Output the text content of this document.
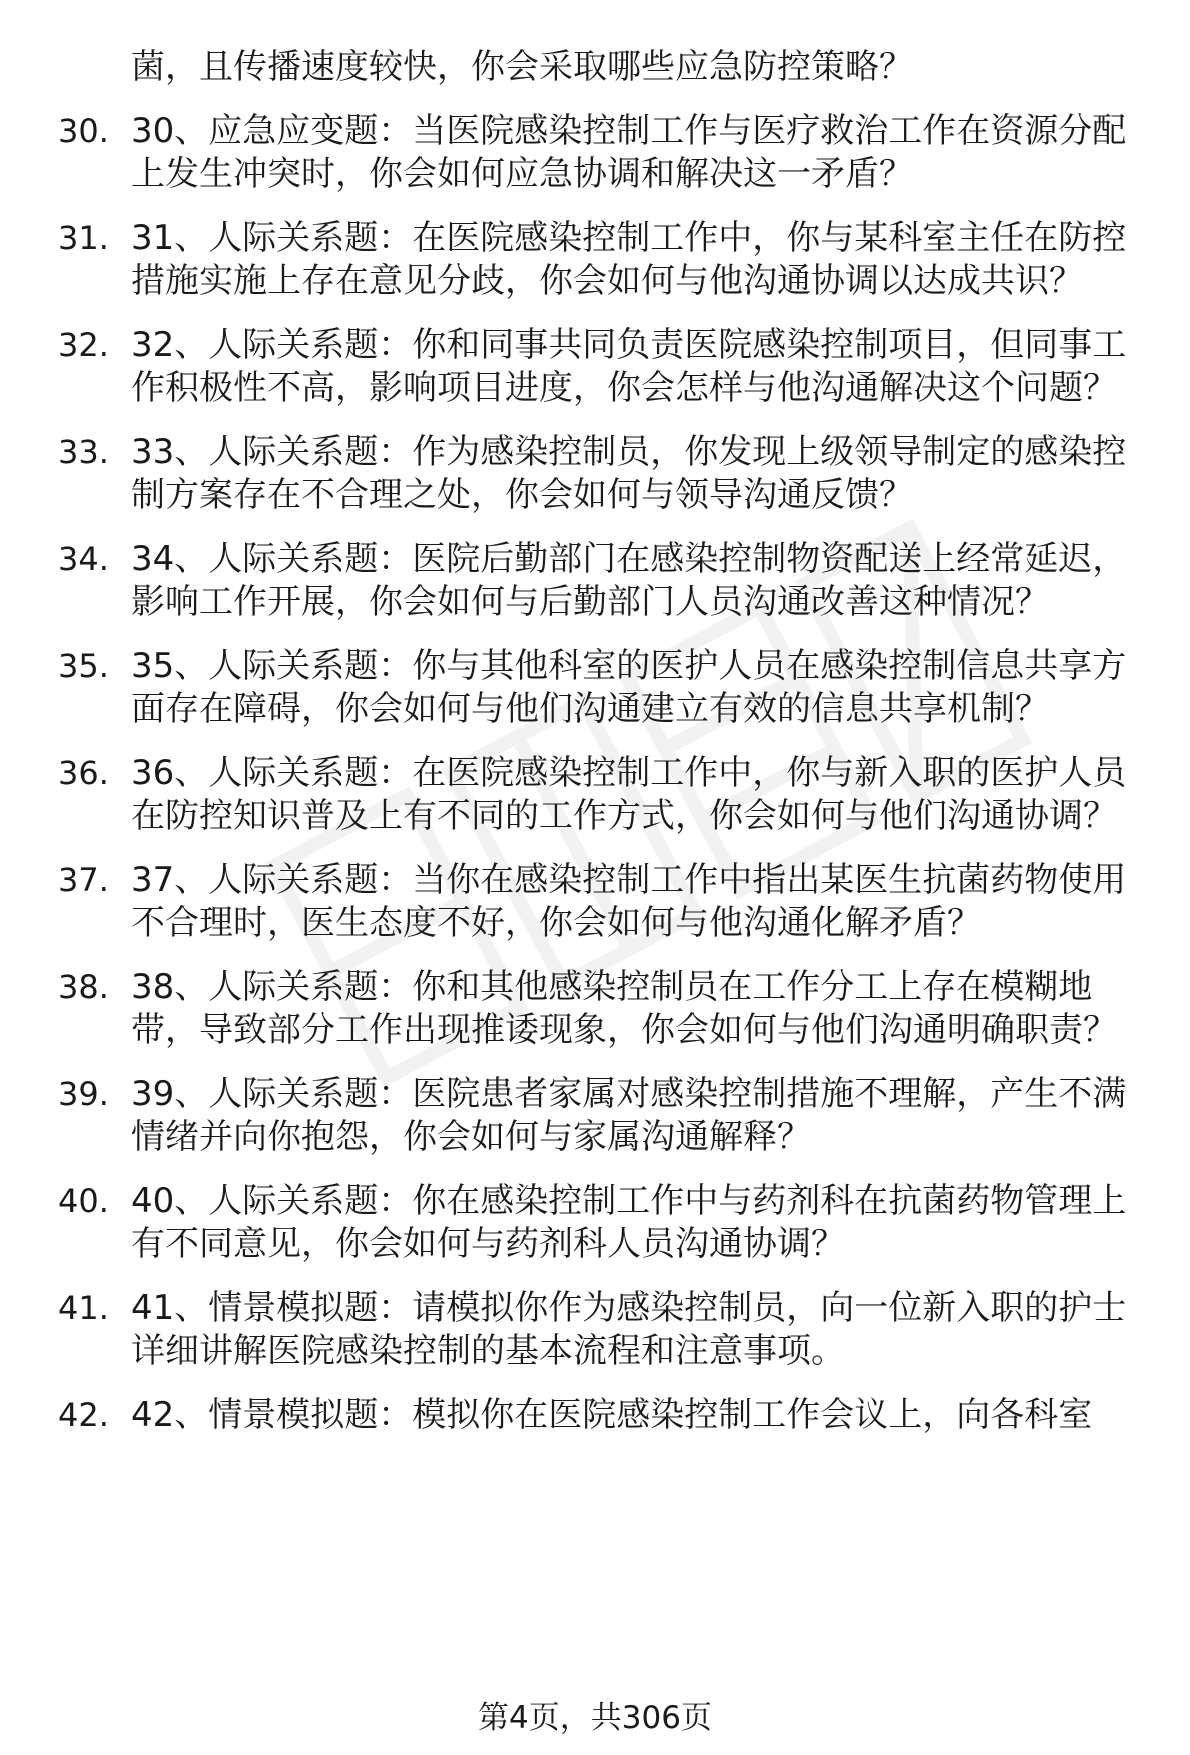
菌，且传播速度较快，你会采取哪些应急防控策略？
30. 30、应急应变题：当医院感染控制工作与医疗救治工作在资源分配上发生冲突时，你会如何应急协调和解决这一矛盾？
31. 31、人际关系题：在医院感染控制工作中，你与某科室主任在防控措施实施上存在意见分歧，你会如何与他沟通协调以达成共识？
32. 32、人际关系题：你和同事共同负责医院感染控制项目，但同事工作积极性不高，影响项目进度，你会怎样与他沟通解决这个问题？
33. 33、人际关系题：作为感染控制员，你发现上级领导制定的感染控制方案存在不合理之处，你会如何与领导沟通反馈？
34. 34、人际关系题：医院后勤部门在感染控制物资配送上经常延迟，影响工作开展，你会如何与后勤部门人员沟通改善这种情况？
35. 35、人际关系题：你与其他科室的医护人员在感染控制信息共享方面存在障碍，你会如何与他们沟通建立有效的信息共享机制？
36. 36、人际关系题：在医院感染控制工作中，你与新入职的医护人员在防控知识普及上有不同的工作方式，你会如何与他们沟通协调？
37. 37、人际关系题：当你在感染控制工作中指出某医生抗菌药物使用不合理时，医生态度不好，你会如何与他沟通化解矛盾？
38. 38、人际关系题：你和其他感染控制员在工作分工上存在模糊地带，导致部分工作出现推诿现象，你会如何与他们沟通明确职责？
39. 39、人际关系题：医院患者家属对感染控制措施不理解，产生不满情绪并向你抱怨，你会如何与家属沟通解释？
40. 40、人际关系题：你在感染控制工作中与药剂科在抗菌药物管理上有不同意见，你会如何与药剂科人员沟通协调？
41. 41、情景模拟题：请模拟你作为感染控制员，向一位新入职的护士详细讲解医院感染控制的基本流程和注意事项。
42. 42、情景模拟题：模拟你在医院感染控制工作会议上，向各科室
第4页，共306页
